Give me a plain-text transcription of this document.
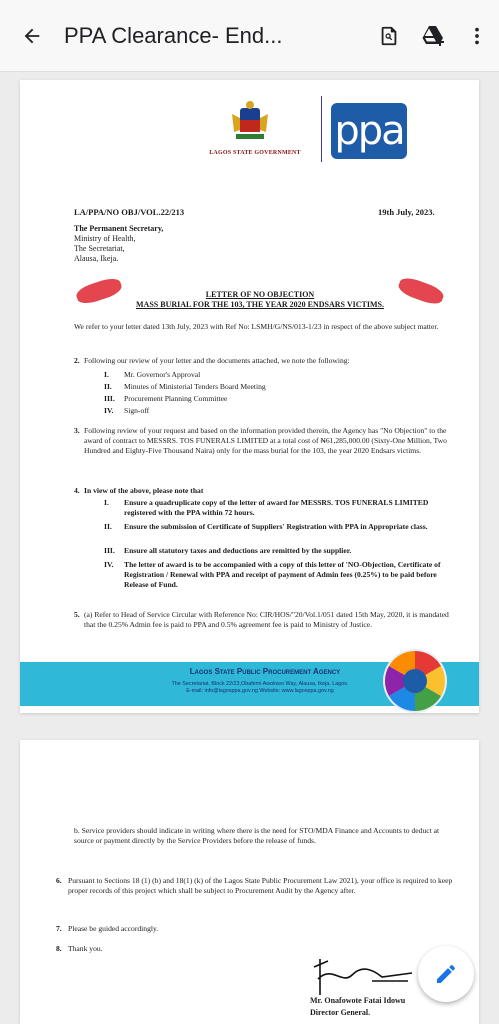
PPA Clearance- End...
LAGOS STATE GOVERNMENT ppa
LA/PPA/NO OBJ/VOL.22/213	19th July, 2023.
The Permanent Secretary,
Ministry of Health,
The Secretariat,
Alausa, Ikeja.
LETTER OF NO OBJECTION
MASS BURIAL FOR THE 103, THE YEAR 2020 ENDSARS VICTIMS.
We refer to your letter dated 13th July, 2023 with Ref No: LSMH/G/NS/013-1/23 in respect of the above subject matter.
2. Following our review of your letter and the documents attached, we note the following:
I. Mr. Governor's Approval
II. Minutes of Ministerial Tenders Board Meeting
III. Procurement Planning Committee
IV. Sign-off
3. Following review of your request and based on the information provided therein, the Agency has "No Objection" to the award of contract to MESSRS. TOS FUNERALS LIMITED at a total cost of ₦61,285,000.00 (Sixty-One Million, Two Hundred and Eighty-Five Thousand Naira) only for the mass burial for the 103, the year 2020 Endsars victims.
4. In view of the above, please note that
I. Ensure a quadruplicate copy of the letter of award for MESSRS. TOS FUNERALS LIMITED registered with the PPA within 72 hours.
II. Ensure the submission of Certificate of Suppliers' Registration with PPA in Appropriate class.
III. Ensure all statutory taxes and deductions are remitted by the supplier.
IV. The letter of award is to be accompanied with a copy of this letter of 'NO-Objection, Certificate of Registration / Renewal with PPA and receipt of payment of Admin fees (0.25%) to be paid before Release of Fund.
5. (a) Refer to Head of Service Circular with Reference No: CIR/HOS/"20/Vol.1/051 dated 15th May, 2020, it is mandated that the 0.25% Admin fee is paid to PPA and 0.5% agreement fee is paid to Ministry of Justice.
Lagos State Public Procurement Agency
The Secretariat, Block 22/23,Obafemi Awolowo Way, Alausa, Ikeja, Lagos.
E-mail: info@lagosppa.gov.ng Website: www.lagosppa.gov.ng
b. Service providers should indicate in writing where there is the need for STO/MDA Finance and Accounts to deduct at source or payment directly by the Service Providers before the release of funds.
6. Pursuant to Sections 18 (1) (b) and 18(1) (k) of the Lagos State Public Procurement Law 2021), your office is required to keep proper records of this project which shall be subject to Procurement Audit by the Agency after.
7. Please be guided accordingly.
8. Thank you.
Mr. Onafowote Fatai Idowu
Director General.
